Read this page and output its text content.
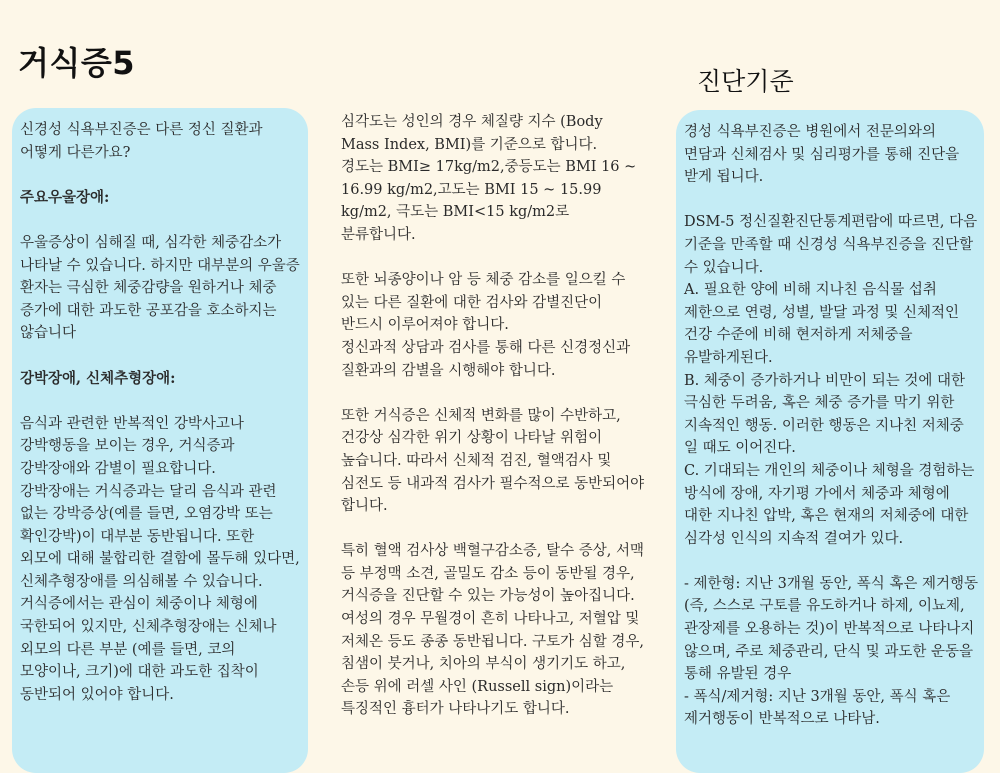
거식증5	진단기준

신경성 식욕부진증은 다른 정신 질환과 어떻게 다른가요?

주요우울장애:

우울증상이 심해질 때, 심각한 체중감소가 나타날 수 있습니다. 하지만 대부분의 우울증 환자는 극심한 체중감량을 원하거나 체중 증가에 대한 과도한 공포감을 호소하지는 않습니다

강박장애, 신체추형장애:

음식과 관련한 반복적인 강박사고나 강박행동을 보이는 경우, 거식증과 강박장애와 감별이 필요합니다.

강박장애는 거식증과는 달리 음식과 관련 없는 강박증상(예를 들면, 오염강박 또는 확인강박)이 대부분 동반됩니다. 또한 외모에 대해 불합리한 결함에 몰두해 있다면, 신체추형장애를 의심해볼 수 있습니다.

거식증에서는 관심이 체중이나 체형에 국한되어 있지만, 신체추형장애는 신체나 외모의 다른 부분 (예를 들면, 코의 모양이나, 크기)에 대한 과도한 집착이 동반되어 있어야 합니다.

심각도는 성인의 경우 체질량 지수 (Body Mass Index, BMI)를 기준으로 합니다.

경도는 BMI≥ 17kg/m2,중등도는 BMI 16 ~ 16.99 kg/m2,고도는 BMI 15 ~ 15.99 kg/m2, 극도는 BMI<15 kg/m2로 분류합니다.

또한 뇌종양이나 암 등 체중 감소를 일으킬 수 있는 다른 질환에 대한 검사와 감별진단이 반드시 이루어져야 합니다.

정신과적 상담과 검사를 통해 다른 신경정신과 질환과의 감별을 시행해야 합니다.

또한 거식증은 신체적 변화를 많이 수반하고, 건강상 심각한 위기 상황이 나타날 위험이 높습니다. 따라서 신체적 검진, 혈액검사 및 심전도 등 내과적 검사가 필수적으로 동반되어야 합니다.

특히 혈액 검사상 백혈구감소증, 탈수 증상, 서맥 등 부정맥 소견, 골밀도 감소 등이 동반될 경우, 거식증을 진단할 수 있는 가능성이 높아집니다.

여성의 경우 무월경이 흔히 나타나고, 저혈압 및 저체온 등도 종종 동반됩니다. 구토가 심할 경우, 침샘이 붓거나, 치아의 부식이 생기기도 하고, 손등 위에 러셀 사인 (Russell sign)이라는 특징적인 흉터가 나타나기도 합니다.

경성 식욕부진증은 병원에서 전문의와의 면담과 신체검사 및 심리평가를 통해 진단을 받게 됩니다.

DSM-5 정신질환진단통계편람에 따르면, 다음 기준을 만족할 때 신경성 식욕부진증을 진단할 수 있습니다.

A. 필요한 양에 비해 지나친 음식물 섭취 제한으로 연령, 성별, 발달 과정 및 신체적인 건강 수준에 비해 현저하게 저체중을 유발하게된다.

B. 체중이 증가하거나 비만이 되는 것에 대한 극심한 두려움, 혹은 체중 증가를 막기 위한 지속적인 행동. 이러한 행동은 지나친 저체중 일 때도 이어진다.

C. 기대되는 개인의 체중이나 체형을 경험하는 방식에 장애, 자기평 가에서 체중과 체형에 대한 지나친 압박, 혹은 현재의 저체중에 대한 심각성 인식의 지속적 결여가 있다.

- 제한형: 지난 3개월 동안, 폭식 혹은 제거행동(즉, 스스로 구토를 유도하거나 하제, 이뇨제, 관장제를 오용하는 것)이 반복적으로 나타나지 않으며, 주로 체중관리, 단식 및 과도한 운동을 통해 유발된 경우

- 폭식/제거형: 지난 3개월 동안, 폭식 혹은 제거행동이 반복적으로 나타남.
